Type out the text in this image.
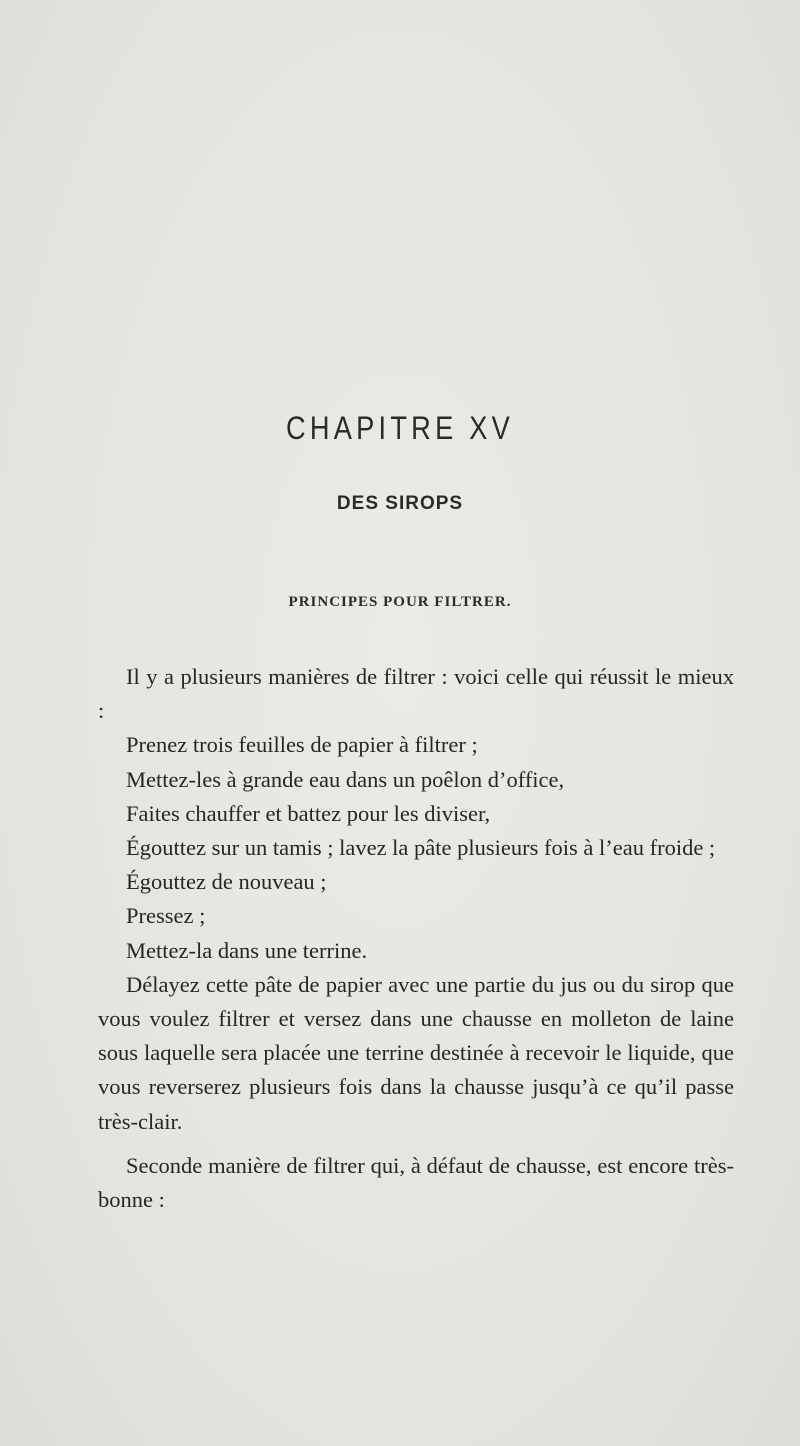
CHAPITRE XV
DES SIROPS
PRINCIPES POUR FILTRER.

Il y a plusieurs manières de filtrer : voici celle qui réussit le mieux :

Prenez trois feuilles de papier à filtrer ;

Mettez-les à grande eau dans un poêlon d’office,

Faites chauffer et battez pour les diviser,

Égouttez sur un tamis ; lavez la pâte plusieurs fois à l’eau froide ;

Égouttez de nouveau ;

Pressez ;

Mettez-la dans une terrine.

Délayez cette pâte de papier avec une partie du jus ou du sirop que vous voulez filtrer et versez dans une chausse en molleton de laine sous laquelle sera placée une terrine destinée à recevoir le liquide, que vous reverserez plusieurs fois dans la chausse jusqu’à ce qu’il passe très-clair.

Seconde manière de filtrer qui, à défaut de chausse, est encore très-bonne :
